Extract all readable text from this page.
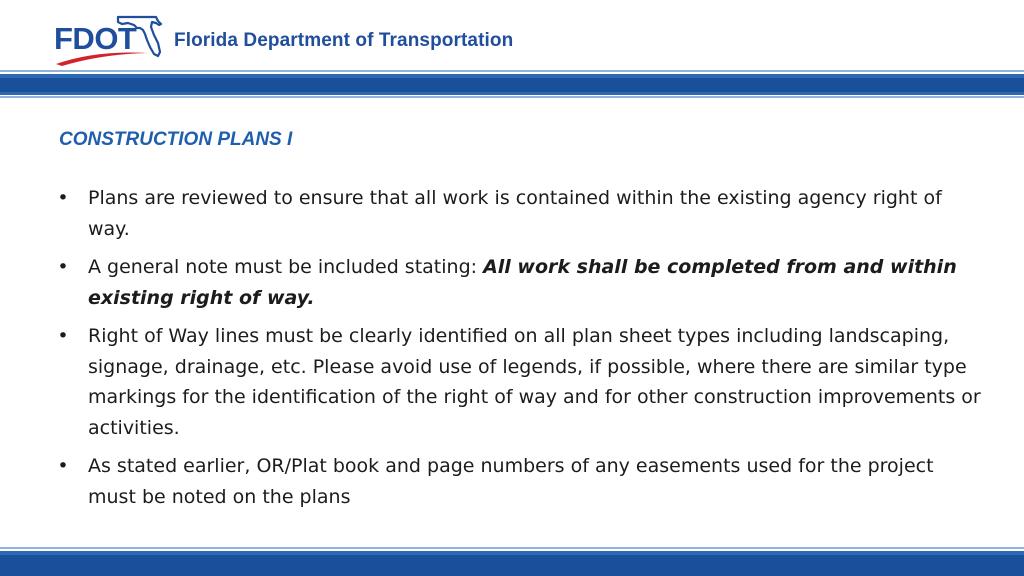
FDOT Florida Department of Transportation
CONSTRUCTION PLANS I
• Plans are reviewed to ensure that all work is contained within the existing agency right of way.
• A general note must be included stating: All work shall be completed from and within existing right of way.
• Right of Way lines must be clearly identified on all plan sheet types including landscaping, signage, drainage, etc. Please avoid use of legends, if possible, where there are similar type markings for the identification of the right of way and for other construction improvements or activities.
• As stated earlier, OR/Plat book and page numbers of any easements used for the project must be noted on the plans
